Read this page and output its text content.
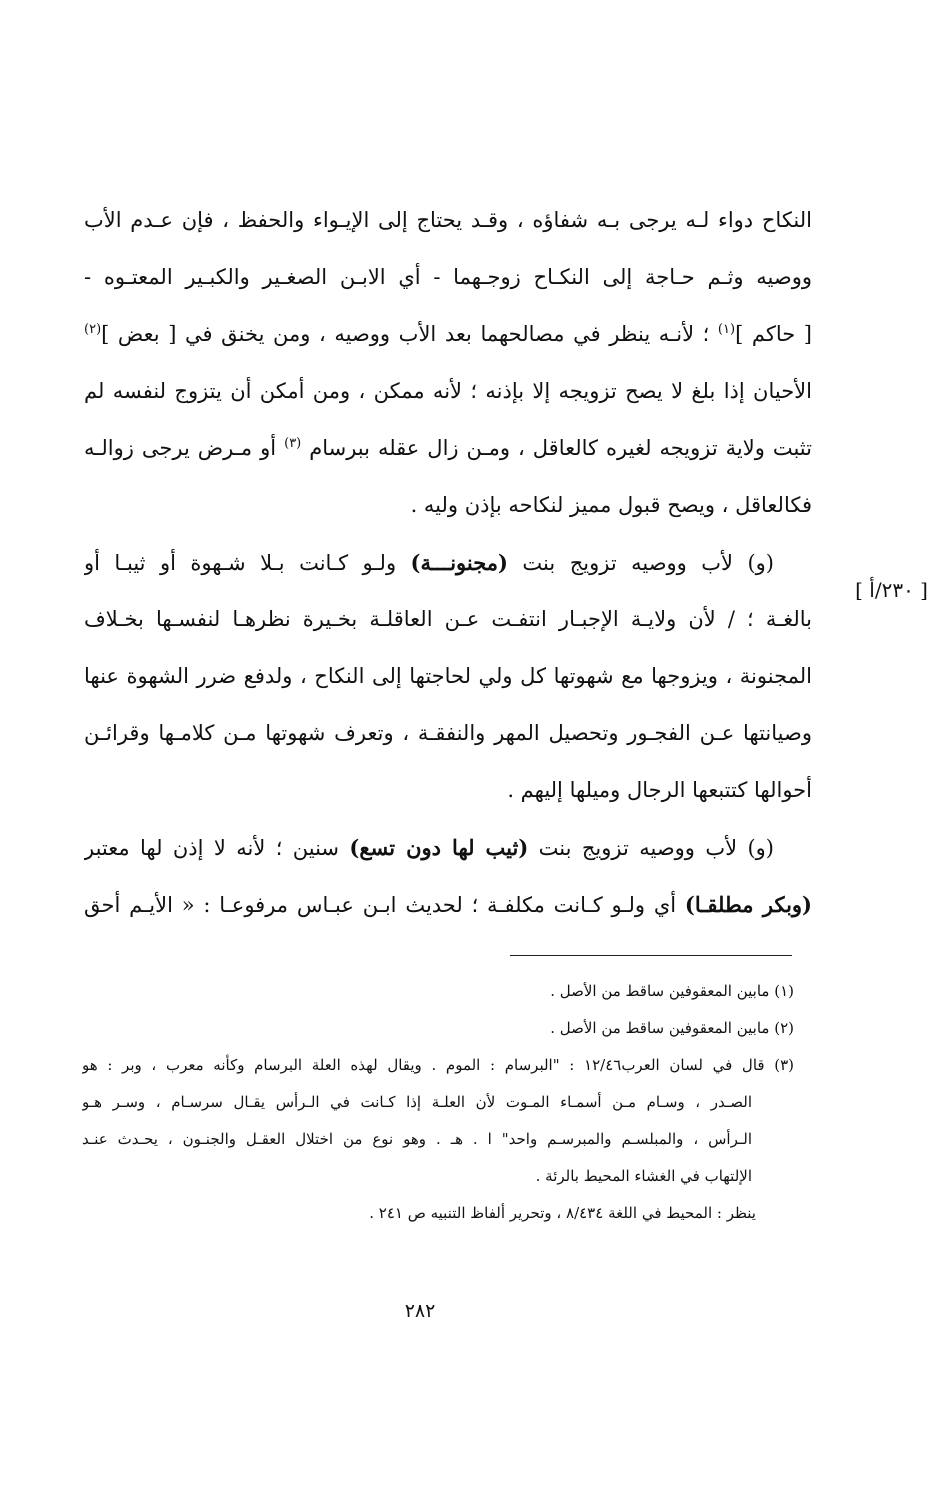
النكاح دواء لـه يرجى بـه شفاؤه ، وقـد يحتاج إلى الإيـواء والحفظ ، فإن عـدم الأب
ووصيه وثـم حـاجة إلى النكـاح زوجـهما - أي الابـن الصغـير والكبـير المعتـوه -
[ حاكم ]$^{(١)}$ ؛ لأنـه ينظر في مصالحهما بعد الأب ووصيه ، ومن يخنق في [ بعض ]$^{(٢)}$
الأحيان إذا بلغ لا يصح تزويجه إلا بإذنه ؛ لأنه ممكن ، ومن أمكن أن يتزوج لنفسه لم
تثبت ولاية تزويجه لغيره كالعاقل ، ومـن زال عقله ببرسام $^{(٣)}$ أو مـرض يرجى زوالـه
فكالعاقل ، ويصح قبول مميز لنكاحه بإذن وليه .
(و) لأب ووصيه تزويج بنت (مجنونـــة) ولـو كـانت بـلا شـهوة أو ثيبـا أو
بالغـة ؛ / لأن ولايـة الإجبـار انتفـت عـن العاقلـة بخـيرة نظرهـا لنفسـها بخـلاف
المجنونة ، ويزوجها مع شهوتها كل ولي لحاجتها إلى النكاح ، ولدفع ضرر الشهوة عنها
وصيانتها عـن الفجـور وتحصيل المهر والنفقـة ، وتعرف شهوتها مـن كلامـها وقرائـن
أحوالها كتتبعها الرجال وميلها إليهم .
(و) لأب ووصيه تزويج بنت (ثيب لها دون تسع) سنين ؛ لأنه لا إذن لها معتبر
(وبكر مطلقـا) أي ولـو كـانت مكلفـة ؛ لحديث ابـن عبـاس مرفوعـا : « الأيـم أحق
[ ٢٣٠/أ ]
(١) مابين المعقوفين ساقط من الأصل .
(٢) مابين المعقوفين ساقط من الأصل .
(٣) قال في لسان العرب١٢/٤٦ : "البرسام : الموم . ويقال لهذه العلة البرسام وكأنه معرب ، وبر : هو
الصـدر ، وسـام مـن أسمـاء المـوت لأن العلـة إذا كـانت في الـرأس يقـال سرسـام ، وسـر هـو
الـرأس ، والمبلسـم والمبرسـم واحد" ا . هـ . وهو نوع من اختلال العقـل والجنـون ، يحـدث عنـد
الإلتهاب في الغشاء المحيط بالرئة .
ينظر : المحيط في اللغة ٨/٤٣٤ ، وتحرير ألفاظ التنبيه ص ٢٤١ .
٢٨٢
